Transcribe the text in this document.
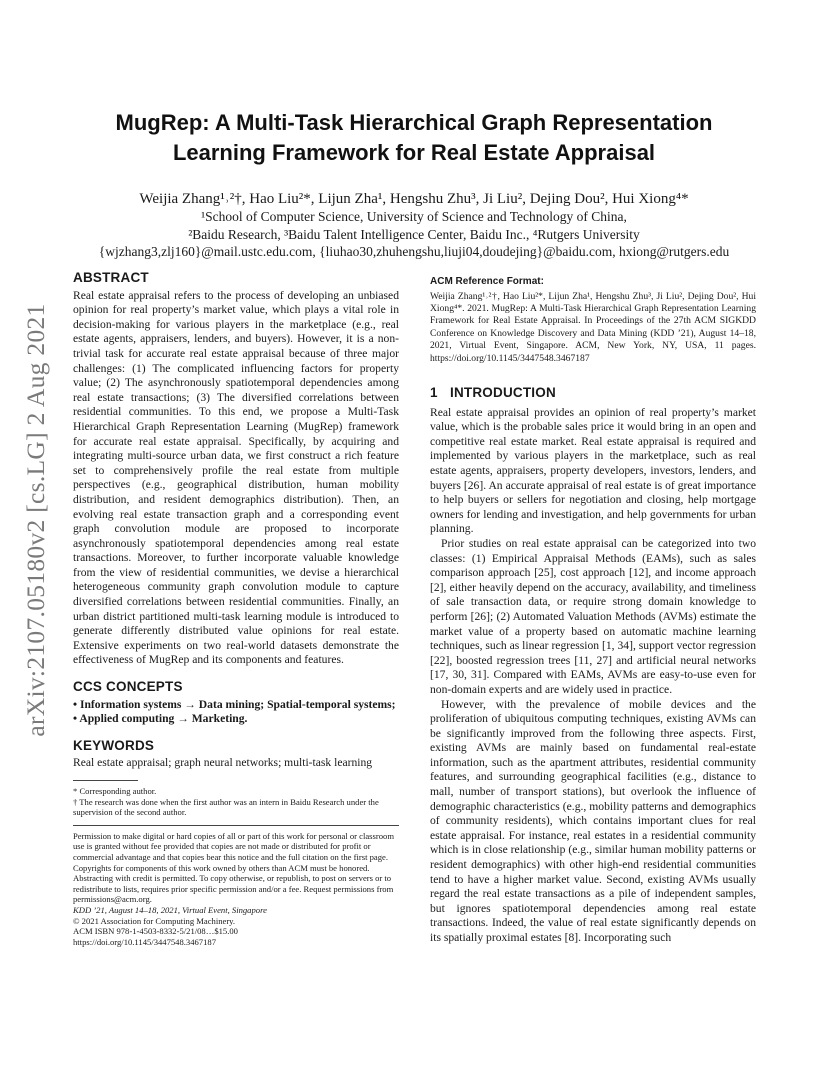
arXiv:2107.05180v2 [cs.LG] 2 Aug 2021
MugRep: A Multi-Task Hierarchical Graph Representation
Learning Framework for Real Estate Appraisal
Weijia Zhang¹˒²†, Hao Liu²*, Lijun Zha¹, Hengshu Zhu³, Ji Liu², Dejing Dou², Hui Xiong⁴*
¹School of Computer Science, University of Science and Technology of China,
²Baidu Research, ³Baidu Talent Intelligence Center, Baidu Inc., ⁴Rutgers University
{wjzhang3,zlj160}@mail.ustc.edu.com, {liuhao30,zhuhengshu,liuji04,doudejing}@baidu.com, hxiong@rutgers.edu
ABSTRACT

Real estate appraisal refers to the process of developing an unbiased opinion for real property’s market value, which plays a vital role in decision-making for various players in the marketplace (e.g., real estate agents, appraisers, lenders, and buyers). However, it is a non-trivial task for accurate real estate appraisal because of three major challenges: (1) The complicated influencing factors for property value; (2) The asynchronously spatiotemporal dependencies among real estate transactions; (3) The diversified correlations between residential communities. To this end, we propose a Multi-Task Hierarchical Graph Representation Learning (MugRep) framework for accurate real estate appraisal. Specifically, by acquiring and integrating multi-source urban data, we first construct a rich feature set to comprehensively profile the real estate from multiple perspectives (e.g., geographical distribution, human mobility distribution, and resident demographics distribution). Then, an evolving real estate transaction graph and a corresponding event graph convolution module are proposed to incorporate asynchronously spatiotemporal dependencies among real estate transactions. Moreover, to further incorporate valuable knowledge from the view of residential communities, we devise a hierarchical heterogeneous community graph convolution module to capture diversified correlations between residential communities. Finally, an urban district partitioned multi-task learning module is introduced to generate differently distributed value opinions for real estate. Extensive experiments on two real-world datasets demonstrate the effectiveness of MugRep and its components and features.

CCS CONCEPTS

• Information systems → Data mining; Spatial-temporal systems; • Applied computing → Marketing.

KEYWORDS

Real estate appraisal; graph neural networks; multi-task learning

* Corresponding author.

† The research was done when the first author was an intern in Baidu Research under the supervision of the second author.

Permission to make digital or hard copies of all or part of this work for personal or classroom use is granted without fee provided that copies are not made or distributed for profit or commercial advantage and that copies bear this notice and the full citation on the first page. Copyrights for components of this work owned by others than ACM must be honored. Abstracting with credit is permitted. To copy otherwise, or republish, to post on servers or to redistribute to lists, requires prior specific permission and/or a fee. Request permissions from permissions@acm.org.

KDD ’21, August 14–18, 2021, Virtual Event, Singapore

© 2021 Association for Computing Machinery.

ACM ISBN 978-1-4503-8332-5/21/08…$15.00

https://doi.org/10.1145/3447548.3467187

ACM Reference Format:

Weijia Zhang¹˒²†, Hao Liu²*, Lijun Zha¹, Hengshu Zhu³, Ji Liu², Dejing Dou², Hui Xiong⁴*. 2021. MugRep: A Multi-Task Hierarchical Graph Representation Learning Framework for Real Estate Appraisal. In Proceedings of the 27th ACM SIGKDD Conference on Knowledge Discovery and Data Mining (KDD ’21), August 14–18, 2021, Virtual Event, Singapore. ACM, New York, NY, USA, 11 pages. https://doi.org/10.1145/3447548.3467187

1 INTRODUCTION

Real estate appraisal provides an opinion of real property’s market value, which is the probable sales price it would bring in an open and competitive real estate market. Real estate appraisal is required and implemented by various players in the marketplace, such as real estate agents, appraisers, property developers, investors, lenders, and buyers [26]. An accurate appraisal of real estate is of great importance to help buyers or sellers for negotiation and closing, help mortgage owners for lending and investigation, and help governments for urban planning.

Prior studies on real estate appraisal can be categorized into two classes: (1) Empirical Appraisal Methods (EAMs), such as sales comparison approach [25], cost approach [12], and income approach [2], either heavily depend on the accuracy, availability, and timeliness of sale transaction data, or require strong domain knowledge to perform [26]; (2) Automated Valuation Methods (AVMs) estimate the market value of a property based on automatic machine learning techniques, such as linear regression [1, 34], support vector regression [22], boosted regression trees [11, 27] and artificial neural networks [17, 30, 31]. Compared with EAMs, AVMs are easy-to-use even for non-domain experts and are widely used in practice.

However, with the prevalence of mobile devices and the proliferation of ubiquitous computing techniques, existing AVMs can be significantly improved from the following three aspects. First, existing AVMs are mainly based on fundamental real-estate information, such as the apartment attributes, residential community features, and surrounding geographical facilities (e.g., distance to mall, number of transport stations), but overlook the influence of demographic characteristics (e.g., mobility patterns and demographics of community residents), which contains important clues for real estate appraisal. For instance, real estates in a residential community which is in close relationship (e.g., similar human mobility patterns or resident demographics) with other high-end residential communities tend to have a higher market value. Second, existing AVMs usually regard the real estate transactions as a pile of independent samples, but ignores spatiotemporal dependencies among real estate transactions. Indeed, the value of real estate significantly depends on its spatially proximal estates [8]. Incorporating such
